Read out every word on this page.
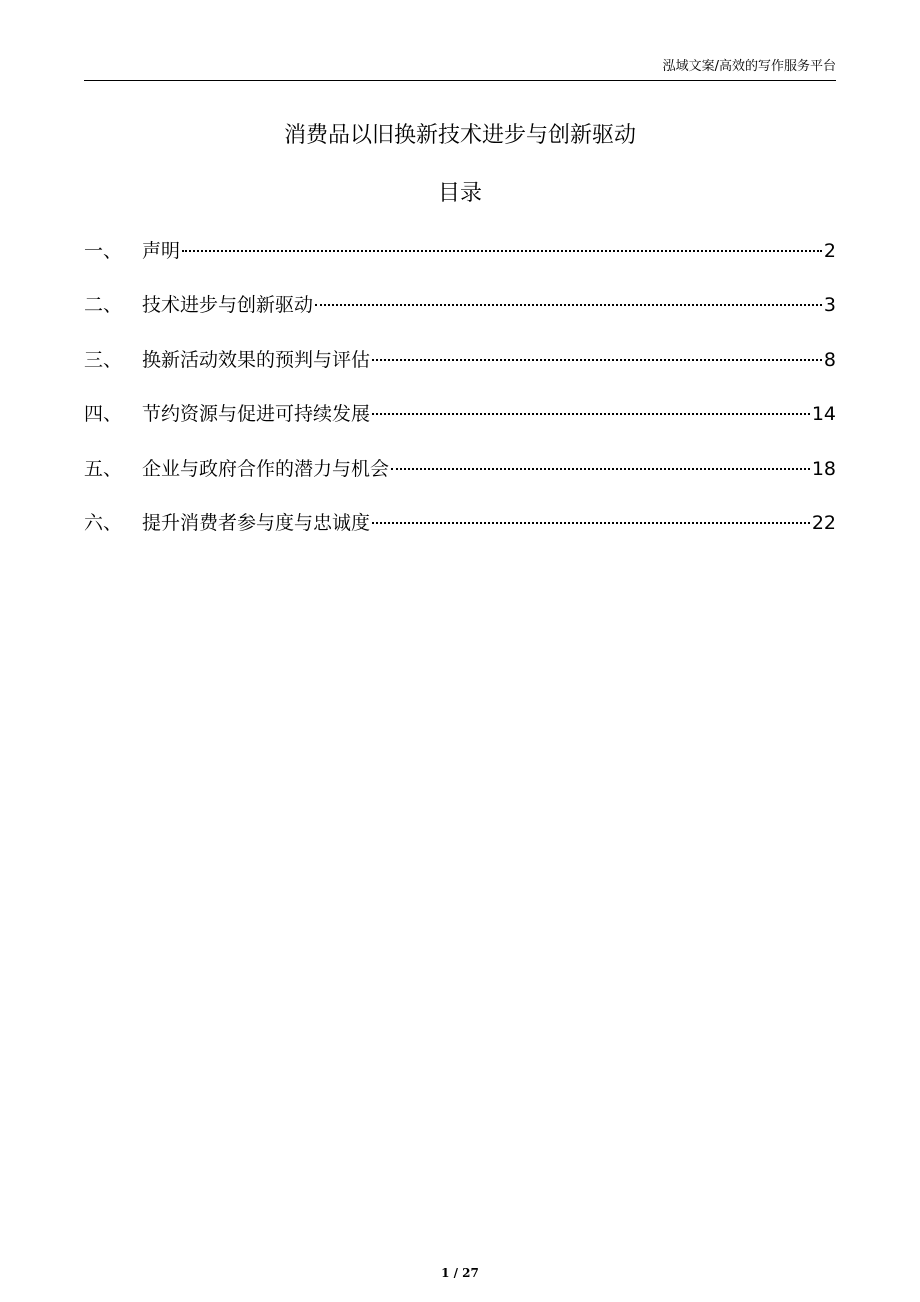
泓域文案/高效的写作服务平台
消费品以旧换新技术进步与创新驱动
目录
一、	声明	2
二、	技术进步与创新驱动	3
三、	换新活动效果的预判与评估	8
四、	节约资源与促进可持续发展	14
五、	企业与政府合作的潜力与机会	18
六、	提升消费者参与度与忠诚度	22
1 / 27
